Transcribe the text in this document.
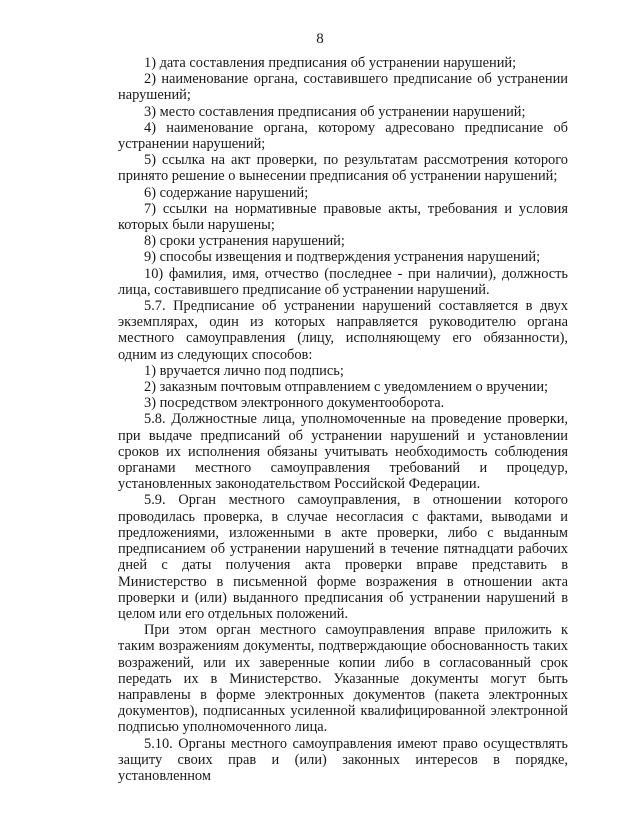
8

1) дата составления предписания об устранении нарушений;

2) наименование органа, составившего предписание об устранении нарушений;

3) место составления предписания об устранении нарушений;

4) наименование органа, которому адресовано предписание об устранении нарушений;

5) ссылка на акт проверки, по результатам рассмотрения которого принято решение о вынесении предписания об устранении нарушений;

6) содержание нарушений;

7) ссылки на нормативные правовые акты, требования и условия которых были нарушены;

8) сроки устранения нарушений;

9) способы извещения и подтверждения устранения нарушений;

10) фамилия, имя, отчество (последнее - при наличии), должность лица, составившего предписание об устранении нарушений.

5.7. Предписание об устранении нарушений составляется в двух экземплярах, один из которых направляется руководителю органа местного самоуправления (лицу, исполняющему его обязанности), одним из следующих способов:

1) вручается лично под подпись;

2) заказным почтовым отправлением с уведомлением о вручении;

3) посредством электронного документооборота.

5.8. Должностные лица, уполномоченные на проведение проверки, при выдаче предписаний об устранении нарушений и установлении сроков их исполнения обязаны учитывать необходимость соблюдения органами местного самоуправления требований и процедур, установленных законодательством Российской Федерации.

5.9. Орган местного самоуправления, в отношении которого проводилась проверка, в случае несогласия с фактами, выводами и предложениями, изложенными в акте проверки, либо с выданным предписанием об устранении нарушений в течение пятнадцати рабочих дней с даты получения акта проверки вправе представить в Министерство в письменной форме возражения в отношении акта проверки и (или) выданного предписания об устранении нарушений в целом или его отдельных положений.

При этом орган местного самоуправления вправе приложить к таким возражениям документы, подтверждающие обоснованность таких возражений, или их заверенные копии либо в согласованный срок передать их в Министерство. Указанные документы могут быть направлены в форме электронных документов (пакета электронных документов), подписанных усиленной квалифицированной электронной подписью уполномоченного лица.

5.10. Органы местного самоуправления имеют право осуществлять защиту своих прав и (или) законных интересов в порядке, установленном
